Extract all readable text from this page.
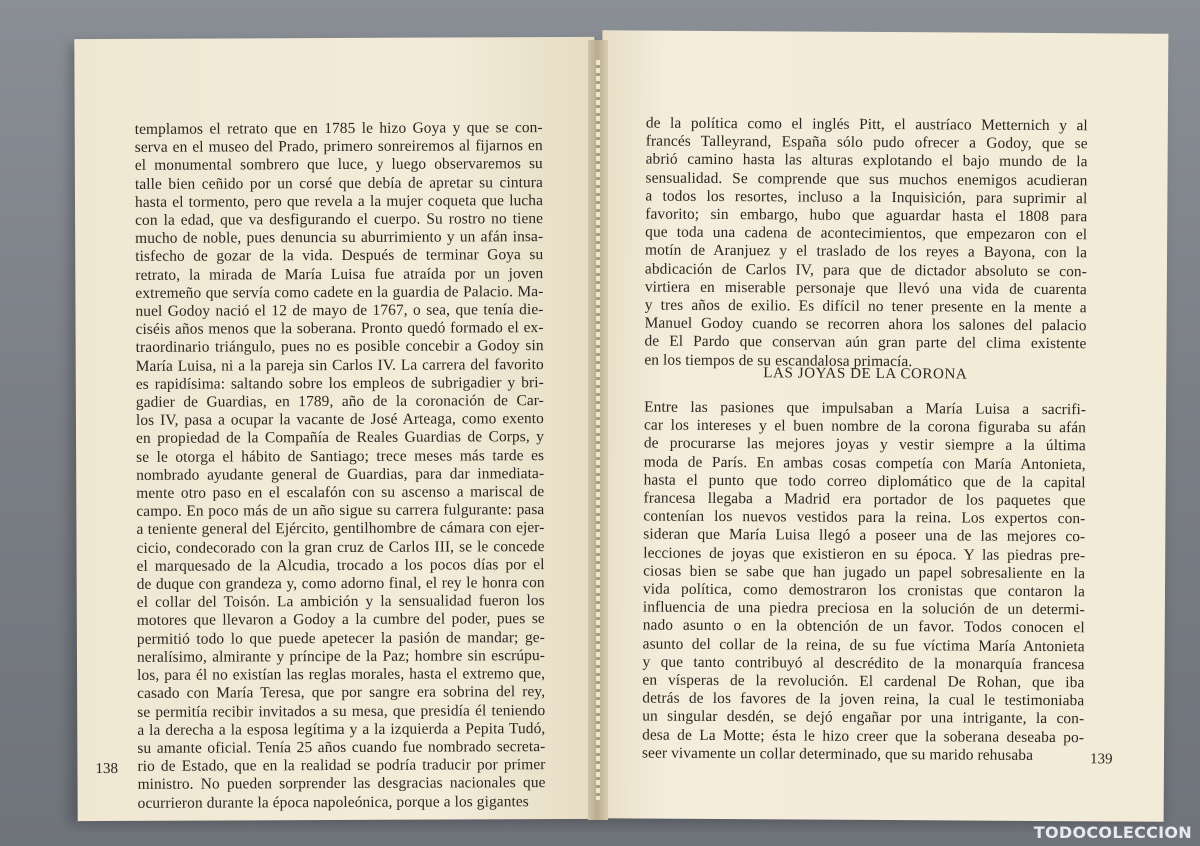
templamos el retrato que en 1785 le hizo Goya y que se con-
serva en el museo del Prado, primero sonreiremos al fijarnos en
el monumental sombrero que luce, y luego observaremos su
talle bien ceñido por un corsé que debía de apretar su cintura
hasta el tormento, pero que revela a la mujer coqueta que lucha
con la edad, que va desfigurando el cuerpo. Su rostro no tiene
mucho de noble, pues denuncia su aburrimiento y un afán insa-
tisfecho de gozar de la vida. Después de terminar Goya su
retrato, la mirada de María Luisa fue atraída por un joven
extremeño que servía como cadete en la guardia de Palacio. Ma-
nuel Godoy nació el 12 de mayo de 1767, o sea, que tenía die-
ciséis años menos que la soberana. Pronto quedó formado el ex-
traordinario triángulo, pues no es posible concebir a Godoy sin
María Luisa, ni a la pareja sin Carlos IV. La carrera del favorito
es rapidísima: saltando sobre los empleos de subrigadier y bri-
gadier de Guardias, en 1789, año de la coronación de Car-
los IV, pasa a ocupar la vacante de José Arteaga, como exento
en propiedad de la Compañía de Reales Guardias de Corps, y
se le otorga el hábito de Santiago; trece meses más tarde es
nombrado ayudante general de Guardias, para dar inmediata-
mente otro paso en el escalafón con su ascenso a mariscal de
campo. En poco más de un año sigue su carrera fulgurante: pasa
a teniente general del Ejército, gentilhombre de cámara con ejer-
cicio, condecorado con la gran cruz de Carlos III, se le concede
el marquesado de la Alcudia, trocado a los pocos días por el
de duque con grandeza y, como adorno final, el rey le honra con
el collar del Toisón. La ambición y la sensualidad fueron los
motores que llevaron a Godoy a la cumbre del poder, pues se
permitió todo lo que puede apetecer la pasión de mandar; ge-
neralísimo, almirante y príncipe de la Paz; hombre sin escrúpu-
los, para él no existían las reglas morales, hasta el extremo que,
casado con María Teresa, que por sangre era sobrina del rey,
se permitía recibir invitados a su mesa, que presidía él teniendo
a la derecha a la esposa legítima y a la izquierda a Pepita Tudó,
su amante oficial. Tenía 25 años cuando fue nombrado secreta-
rio de Estado, que en la realidad se podría traducir por primer
ministro. No pueden sorprender las desgracias nacionales que
ocurrieron durante la época napoleónica, porque a los gigantes
138
de la política como el inglés Pitt, el austríaco Metternich y al
francés Talleyrand, España sólo pudo ofrecer a Godoy, que se
abrió camino hasta las alturas explotando el bajo mundo de la
sensualidad. Se comprende que sus muchos enemigos acudieran
a todos los resortes, incluso a la Inquisición, para suprimir al
favorito; sin embargo, hubo que aguardar hasta el 1808 para
que toda una cadena de acontecimientos, que empezaron con el
motín de Aranjuez y el traslado de los reyes a Bayona, con la
abdicación de Carlos IV, para que de dictador absoluto se con-
virtiera en miserable personaje que llevó una vida de cuarenta
y tres años de exilio. Es difícil no tener presente en la mente a
Manuel Godoy cuando se recorren ahora los salones del palacio
de El Pardo que conservan aún gran parte del clima existente
en los tiempos de su escandalosa primacía.
LAS JOYAS DE LA CORONA
Entre las pasiones que impulsaban a María Luisa a sacrifi-
car los intereses y el buen nombre de la corona figuraba su afán
de procurarse las mejores joyas y vestir siempre a la última
moda de París. En ambas cosas competía con María Antonieta,
hasta el punto que todo correo diplomático que de la capital
francesa llegaba a Madrid era portador de los paquetes que
contenían los nuevos vestidos para la reina. Los expertos con-
sideran que María Luisa llegó a poseer una de las mejores co-
lecciones de joyas que existieron en su época. Y las piedras pre-
ciosas bien se sabe que han jugado un papel sobresaliente en la
vida política, como demostraron los cronistas que contaron la
influencia de una piedra preciosa en la solución de un determi-
nado asunto o en la obtención de un favor. Todos conocen el
asunto del collar de la reina, de su fue víctima María Antonieta
y que tanto contribuyó al descrédito de la monarquía francesa
en vísperas de la revolución. El cardenal De Rohan, que iba
detrás de los favores de la joven reina, la cual le testimoniaba
un singular desdén, se dejó engañar por una intrigante, la con-
desa de La Motte; ésta le hizo creer que la soberana deseaba po-
seer vivamente un collar determinado, que su marido rehusaba	139
TODOCOLECCION
